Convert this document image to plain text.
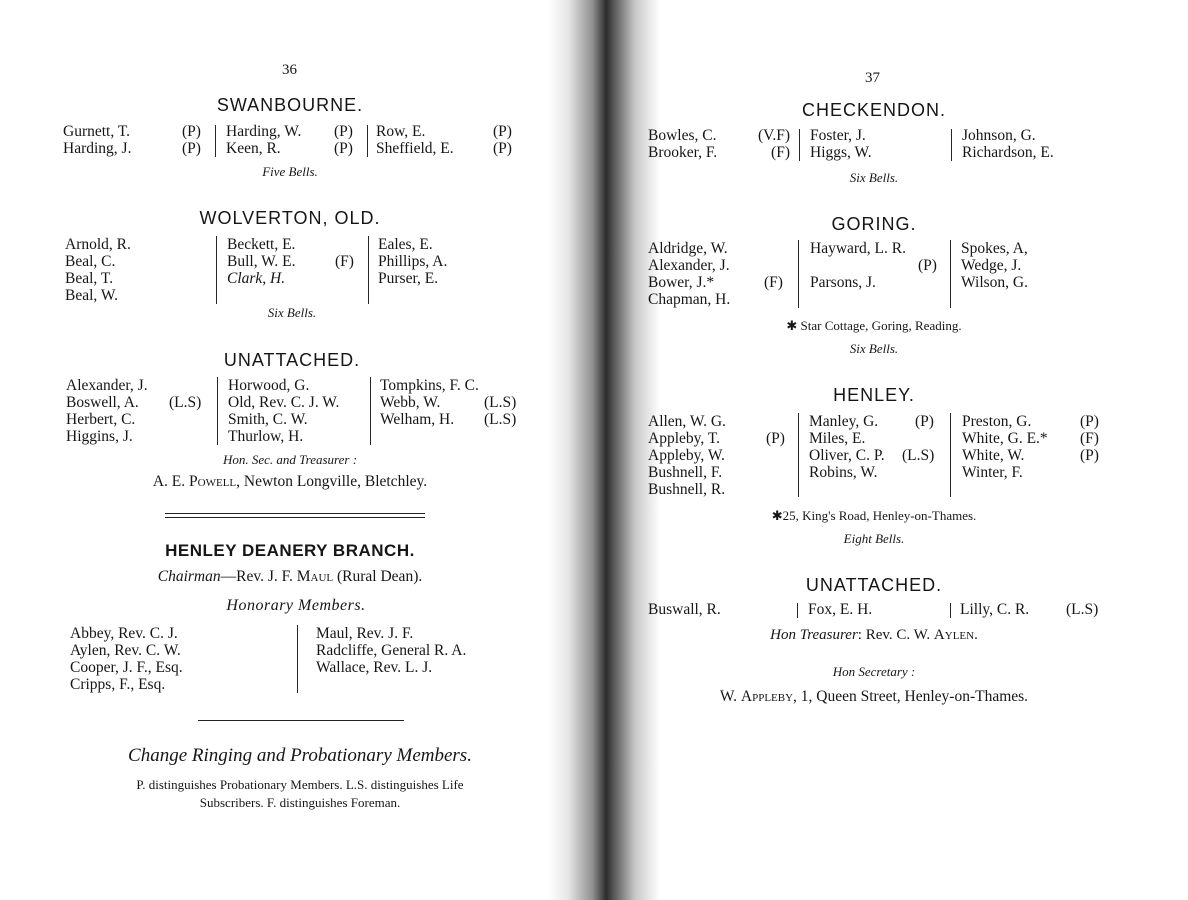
36
SWANBOURNE.
Gurnett, T.
Harding, J.
(P)
(P)
Harding, W.
Keen, R.
(P)
(P)
Row, E.
Sheffield, E.
(P)
(P)
Five Bells.
WOLVERTON, OLD.
Arnold, R.
Beal, C.
Beal, T.
Beal, W.
Beckett, E.
Bull, W. E.
Clark, H.
(F)
Eales, E.
Phillips, A.
Purser, E.
Six Bells.
UNATTACHED.
Alexander, J.
Boswell, A.
Herbert, C.
Higgins, J.
(L.S)
Horwood, G.
Old, Rev. C. J. W.
Smith, C. W.
Thurlow, H.
Tompkins, F. C.
Webb, W.
Welham, H.
(L.S)
(L.S)
Hon. Sec. and Treasurer :
A. E. Powell, Newton Longville, Bletchley.
HENLEY DEANERY BRANCH.
Chairman—Rev. J. F. Maul (Rural Dean).
Honorary Members.
Abbey, Rev. C. J.
Aylen, Rev. C. W.
Cooper, J. F., Esq.
Cripps, F., Esq.
Maul, Rev. J. F.
Radcliffe, General R. A.
Wallace, Rev. L. J.
Change Ringing and Probationary Members.
P. distinguishes Probationary Members. L.S. distinguishes Life
Subscribers. F. distinguishes Foreman.
37
CHECKENDON.
Bowles, C.
Brooker, F.
(V.F)
(F)
Foster, J.
Higgs, W.
Johnson, G.
Richardson, E.
Six Bells.
GORING.
Aldridge, W.
Alexander, J.
Bower, J.*
Chapman, H.
(F)
Hayward, L. R.
(P)
Parsons, J.
Spokes, A,
Wedge, J.
Wilson, G.
✱ Star Cottage, Goring, Reading.
Six Bells.
HENLEY.
Allen, W. G.
Appleby, T.
Appleby, W.
Bushnell, F.
Bushnell, R.
(P)
Manley, G.
Miles, E.
Oliver, C. P.
Robins, W.
(P)
(L.S)
Preston, G.
White, G. E.*
White, W.
Winter, F.
(P)
(F)
(P)
✱25, King's Road, Henley-on-Thames.
Eight Bells.
UNATTACHED.
Buswall, R.	Fox, E. H.	Lilly, C. R. (L.S)
Hon Treasurer: Rev. C. W. Aylen.
Hon Secretary :
W. Appleby, 1, Queen Street, Henley-on-Thames.
